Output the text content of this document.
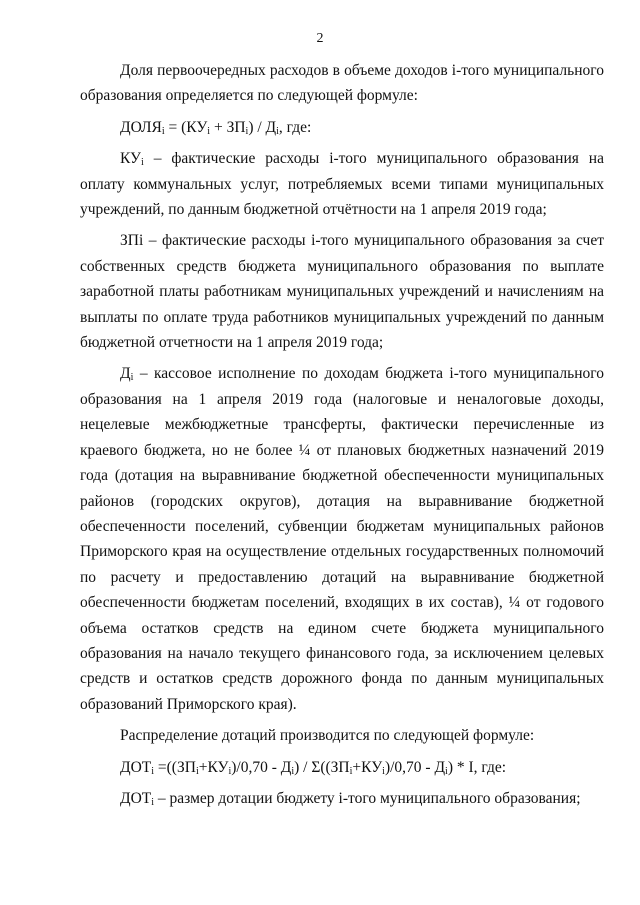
2

Доля первоочередных расходов в объеме доходов i-того муниципального образования определяется по следующей формуле:

$ДОЛЯ_i = (КУ_i + ЗП_i) / Д_i$, где:

$КУ_i$ – фактические расходы i-того муниципального образования на оплату коммунальных услуг, потребляемых всеми типами муниципальных учреждений, по данным бюджетной отчётности на 1 апреля 2019 года;

ЗПi – фактические расходы i-того муниципального образования за счет собственных средств бюджета муниципального образования по выплате заработной платы работникам муниципальных учреждений и начислениям на выплаты по оплате труда работников муниципальных учреждений по данным бюджетной отчетности на 1 апреля 2019 года;

$Д_i$ – кассовое исполнение по доходам бюджета i-того муниципального образования на 1 апреля 2019 года (налоговые и неналоговые доходы, нецелевые межбюджетные трансферты, фактически перечисленные из краевого бюджета, но не более ¼ от плановых бюджетных назначений 2019 года (дотация на выравнивание бюджетной обеспеченности муниципальных районов (городских округов), дотация на выравнивание бюджетной обеспеченности поселений, субвенции бюджетам муниципальных районов Приморского края на осуществление отдельных государственных полномочий по расчету и предоставлению дотаций на выравнивание бюджетной обеспеченности бюджетам поселений, входящих в их состав), ¼ от годового объема остатков средств на едином счете бюджета муниципального образования на начало текущего финансового года, за исключением целевых средств и остатков средств дорожного фонда по данным муниципальных образований Приморского края).

Распределение дотаций производится по следующей формуле:

$ДОТ_i =((ЗП_i+КУ_i)/0,70 - Д_i) / \Sigma((ЗП_i+КУ_i)/0,70 - Д_i) * I$, где:

$ДОТ_i$ – размер дотации бюджету i-того муниципального образования;
